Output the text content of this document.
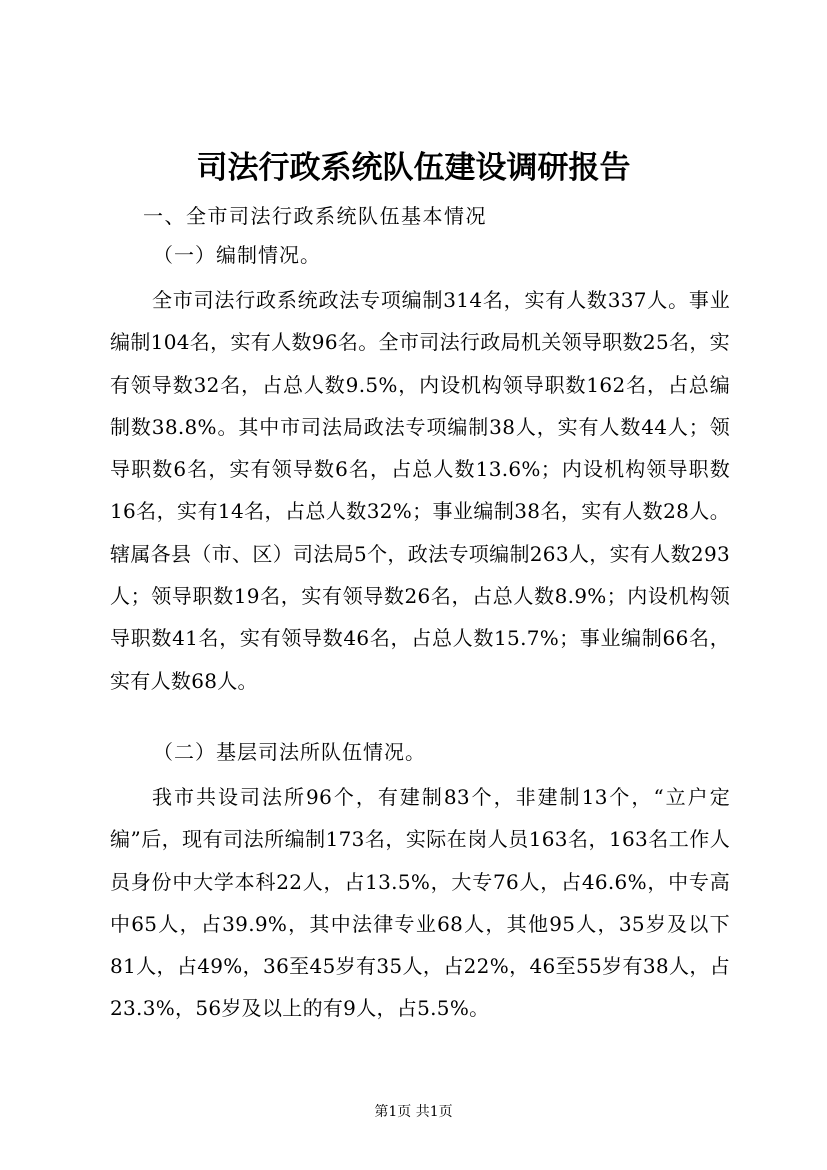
司法行政系统队伍建设调研报告

一、全市司法行政系统队伍基本情况

（一）编制情况。

全市司法行政系统政法专项编制314名，实有人数337人。事业编制104名，实有人数96名。全市司法行政局机关领导职数25名，实有领导数32名，占总人数9.5%，内设机构领导职数162名，占总编制数38.8%。其中市司法局政法专项编制38人，实有人数44人；领导职数6名，实有领导数6名，占总人数13.6%；内设机构领导职数16名，实有14名，占总人数32%；事业编制38名，实有人数28人。辖属各县（市、区）司法局5个，政法专项编制263人，实有人数293人；领导职数19名，实有领导数26名，占总人数8.9%；内设机构领导职数41名，实有领导数46名，占总人数15.7%；事业编制66名，实有人数68人。

（二）基层司法所队伍情况。

我市共设司法所96个，有建制83个，非建制13个，“立户定编”后，现有司法所编制173名，实际在岗人员163名，163名工作人员身份中大学本科22人，占13.5%，大专76人，占46.6%，中专高中65人，占39.9%，其中法律专业68人，其他95人，35岁及以下81人，占49%，36至45岁有35人，占22%，46至55岁有38人，占23.3%，56岁及以上的有9人，占5.5%。

第1页 共1页
